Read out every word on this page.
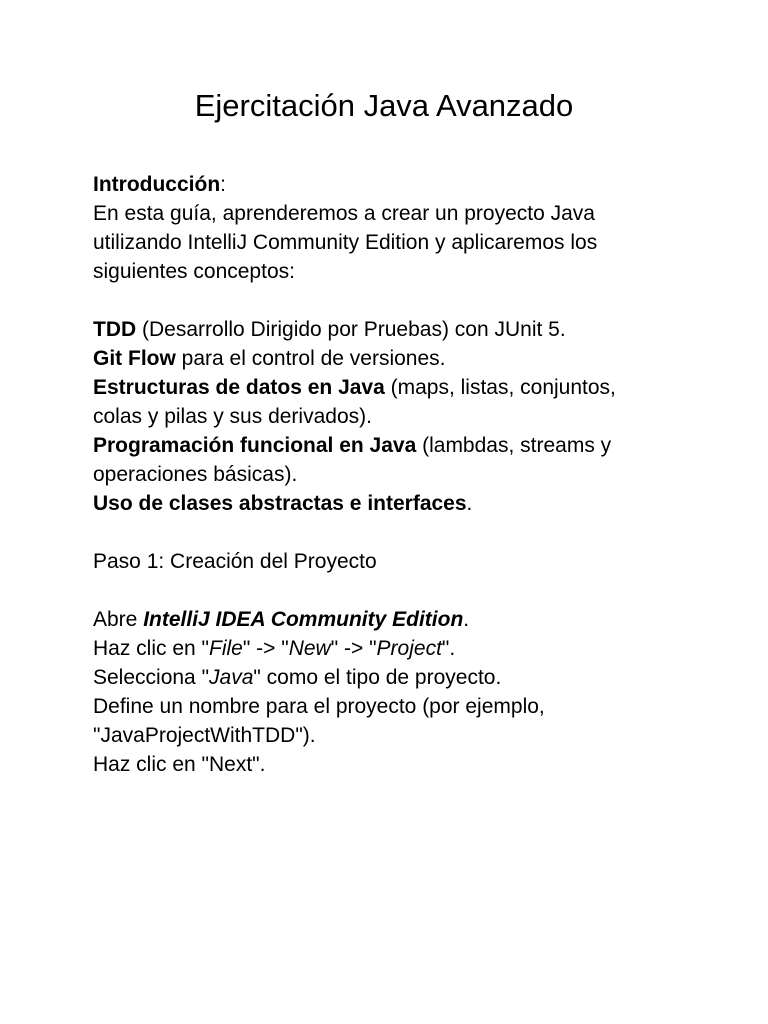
Ejercitación Java Avanzado

Introducción:

En esta guía, aprenderemos a crear un proyecto Java

utilizando IntelliJ Community Edition y aplicaremos los

siguientes conceptos:

TDD (Desarrollo Dirigido por Pruebas) con JUnit 5.

Git Flow para el control de versiones.

Estructuras de datos en Java (maps, listas, conjuntos,

colas y pilas y sus derivados).

Programación funcional en Java (lambdas, streams y

operaciones básicas).

Uso de clases abstractas e interfaces.

Paso 1: Creación del Proyecto

Abre IntelliJ IDEA Community Edition.

Haz clic en "File" -> "New" -> "Project".

Selecciona "Java" como el tipo de proyecto.

Define un nombre para el proyecto (por ejemplo,

"JavaProjectWithTDD").

Haz clic en "Next".
